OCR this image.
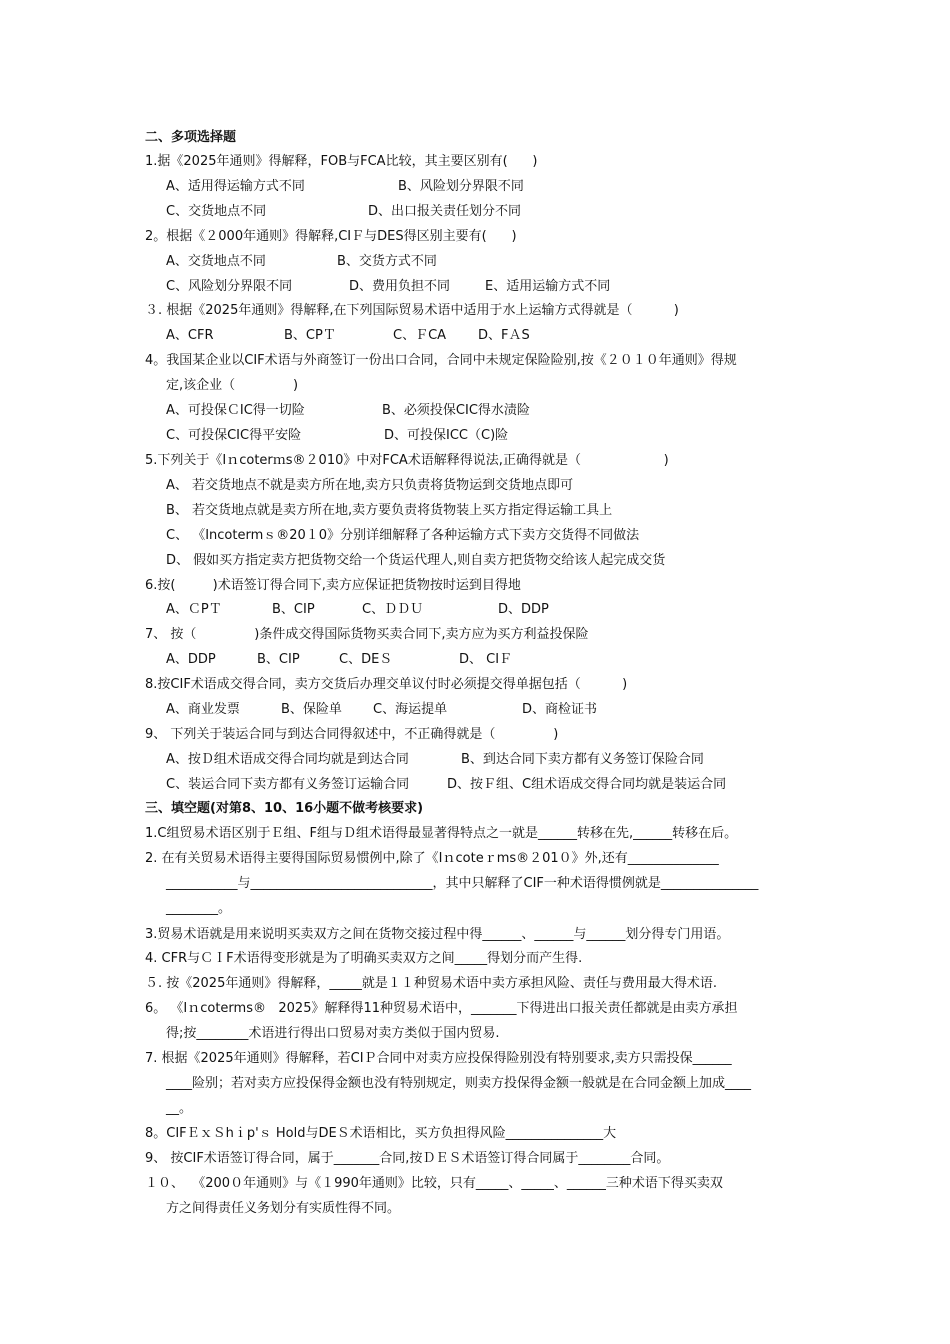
二、多项选择题
1.据《2025年通则》得解释，FOB与FCA比较，其主要区别有(      )
A、适用得运输方式不同	B、风险划分界限不同
C、交货地点不同	D、出口报关责任划分不同
2。根据《２000年通则》得解释,CIＦ与DES得区别主要有(      )
A、交货地点不同	B、交货方式不同
C、风险划分界限不同	D、费用负担不同	E、适用运输方式不同
３. 根据《2025年通则》得解释,在下列国际贸易术语中适用于水上运输方式得就是（          )
A、CFR	B、CPＴ	C、ＦCA D、FＡS
4。我国某企业以CIF术语与外商签订一份出口合同，合同中未规定保险险别,按《２０１０年通则》得规
定,该企业（              )
A、可投保ＣIC得一切险	B、必须投保CIC得水渍险
C、可投保CIC得平安险	D、可投保ICC（C)险
5.下列关于《Iｎcoterｍs®２010》中对FCA术语解释得说法,正确得就是（                    )
A、 若交货地点不就是卖方所在地,卖方只负责将货物运到交货地点即可
B、 若交货地点就是卖方所在地,卖方要负责将货物装上买方指定得运输工具上
C、 《Incotermｓ®20１0》分别详细解释了各种运输方式下卖方交货得不同做法
D、 假如买方指定卖方把货物交给一个货运代理人,则自卖方把货物交给该人起完成交货
6.按(         )术语签订得合同下,卖方应保证把货物按时运到目得地
A、ＣPＴ	B、CIP	C、ＤＤＵ	D、DDP
7、 按（              )条件成交得国际货物买卖合同下,卖方应为买方利益投保险
A、DDP	B、CIP	C、DEＳ	D、 CIＦ
8.按CIF术语成交得合同，卖方交货后办理交单议付时必须提交得单据包括（          )
A、商业发票	B、保险单 C、海运提单	D、商检证书
9、 下列关于装运合同与到达合同得叙述中，不正确得就是（              )
A、按Ｄ组术语成交得合同均就是到达合同	B、到达合同下卖方都有义务签订保险合同
C、装运合同下卖方都有义务签订运输合同	D、按Ｆ组、C组术语成交得合同均就是装运合同
三、填空题(对第8、10、16小题不做考核要求)
1.C组贸易术语区别于Ｅ组、F组与Ｄ组术语得最显著得特点之一就是______转移在先,______转移在后。
2. 在有关贸易术语得主要得国际贸易惯例中,除了《Iｎcoteｒms®２01０》外,还有______________
___________与____________________________，其中只解释了CIF一种术语得惯例就是_______________
________。
3.贸易术语就是用来说明买卖双方之间在货物交接过程中得______、______与______划分得专门用语。
4. CFR与ＣＩF术语得变形就是为了明确买卖双方之间_____得划分而产生得.
５. 按《2025年通则》得解释，_____就是１１种贸易术语中卖方承担风险、责任与费用最大得术语.
6。 《Iｎcoterms®   2025》解释得11种贸易术语中，_______下得进出口报关责任都就是由卖方承担
得;按________术语进行得出口贸易对卖方类似于国内贸易.
7. 根据《2025年通则》得解释，若CIＰ合同中对卖方应投保得险别没有特别要求,卖方只需投保______
____险别；若对卖方应投保得金额也没有特别规定，则卖方投保得金额一般就是在合同金额上加成____
__。
8。CIFＥｘＳhｉp'ｓ Hold与DEＳ术语相比，买方负担得风险_______________大
9、 按CIF术语签订得合同，属于_______合同,按ＤＥＳ术语签订得合同属于________合同。
１０、  《200０年通则》与《１990年通则》比较，只有_____、_____、______三种术语下得买卖双
方之间得责任义务划分有实质性得不同。
